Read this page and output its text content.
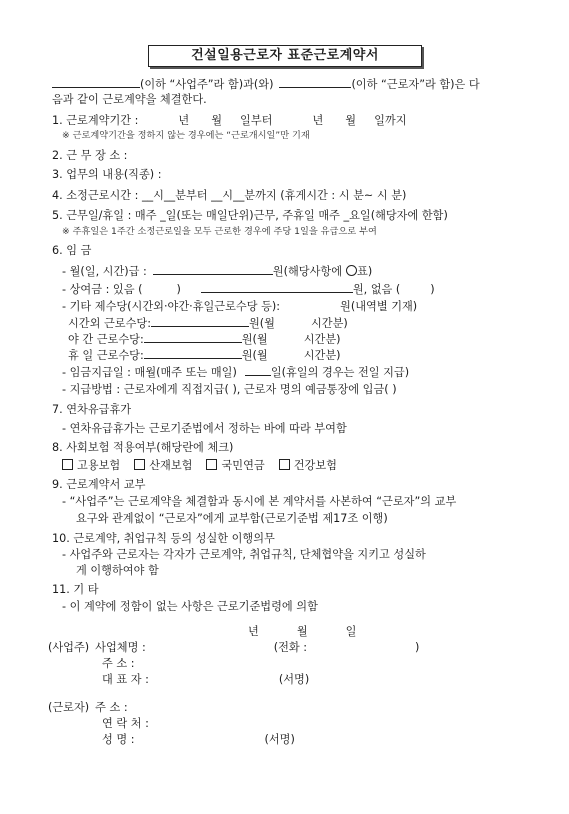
건설일용근로자 표준근로계약서
(이하 “사업주”라 함)과(와)	(이하 “근로자”라 함)은 다
음과 같이 근로계약을 체결한다.
1. 근로계약기간 :	년 월 일부터	년 월 일까지
※ 근로계약기간을 정하지 않는 경우에는 “근로개시일”만 기재
2. 근 무 장 소 :
3. 업무의 내용(직종) :
4. 소정근로시간 : __시__분부터 __시__분까지 (휴게시간 : 시 분~ 시 분)
5. 근무일/휴일 : 매주 _일(또는 매일단위)근무, 주휴일 매주 _요일(해당자에 한함)
※ 주휴일은 1주간 소정근로일을 모두 근로한 경우에 주당 1일을 유급으로 부여
6. 임 금
- 월(일, 시간)급 :	원(해당사항에 ○표)
- 상여금 : 있음 (	)	원, 없음 (	)
- 기타 제수당(시간외·야간·휴일근로수당 등):	원(내역별 기재)
시간외 근로수당:	원(월	시간분)
야 간 근로수당:	원(월	시간분)
휴 일 근로수당:	원(월	시간분)
- 임금지급일 : 매월(매주 또는 매일)	일(휴일의 경우는 전일 지급)
- 지급방법 : 근로자에게 직접지급( ), 근로자 명의 예금통장에 입금( )
7. 연차유급휴가
- 연차유급휴가는 근로기준법에서 정하는 바에 따라 부여함
8. 사회보험 적용여부(해당란에 체크)
고용보험	산재보험	국민연금	건강보험
9. 근로계약서 교부
- “사업주”는 근로계약을 체결함과 동시에 본 계약서를 사본하여 “근로자”의 교부
요구와 관계없이 “근로자”에게 교부함(근로기준법 제17조 이행)
10. 근로계약, 취업규칙 등의 성실한 이행의무
- 사업주와 근로자는 각자가 근로계약, 취업규칙, 단체협약을 지키고 성실하
게 이행하여야 함
11. 기 타
- 이 계약에 정함이 없는 사항은 근로기준법령에 의함
년	월	일
(사업주) 사업체명 :	(전화 :	)
주 소 :
대 표 자 :	(서명)
(근로자) 주 소 :
연 락 처 :
성 명 :	(서명)
